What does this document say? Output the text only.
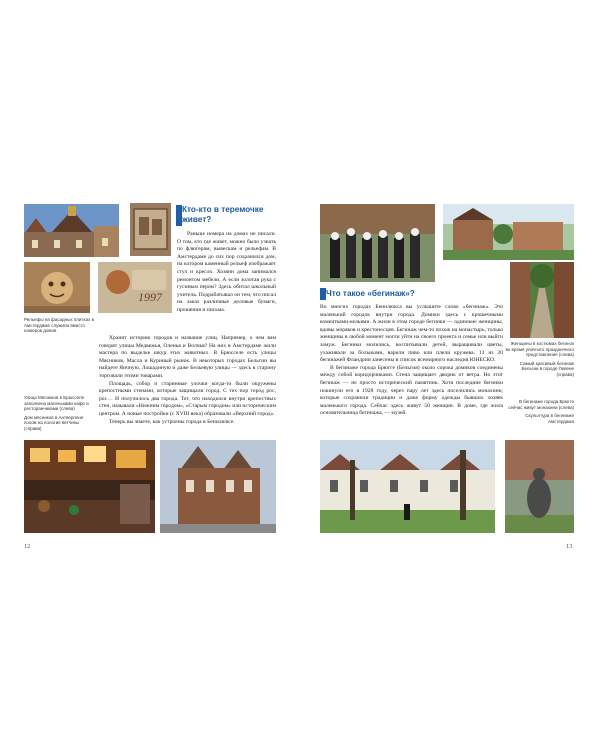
1997
Кто-кто в теремочке живет?

Раньше номера на домах не писали. О том, кто где живет, можно было узнать по флюгерам, вывескам и рельефам. В Амстердаме до сих пор сохранился дом, на котором каменный рельеф изображает стул и кресло. Хозяин дома занимался ремонтом мебели. А если золотая рука с гусиным пером? Здесь обитал школьный учитель. Подрабатывал он тем, что писал на заказ различные деловые бумаги, прошения и письма.

Рельефы на фасадных плитках в Амстердаме служили вместо номеров домов

Улица Мясников в Брюсселе заполнена маленькими кафе и ресторанчиками (слева)

Дом мясников в Антверпене похож на пологие ветчины (справа)

Хранит историю городов и название улиц. Например, о чем вам говорят улицы Медвежья, Оленья и Волчья? На них в Амстердаме жили мастера по выделке шкур этих животных. В Брюсселе есть улицы Мясников, Масла и Куриный рынок. В некоторых городах Бельгии вы найдете Яичную, Лошадиную и даже Бельевую улицы — здесь в старину торговали этими товарами.

Площадь, собор и старинные улочки когда-то были окружены крепостными стенами, которые защищали город. С тех пор город рос, рос… И получилось два города. Тот, что находился внутри крепостных стен, называли «Нижним городом», «Старым городом» или историческим центром. А новые постройки (с XVIII века) образовали «Верхний город».

Теперь вы знаете, как устроены города в Бенилюксе.

12
Что такое «бегинаж»?

Во многих городах Бенилюкса вы услышите слово «бегинаж». Это маленький городок внутри города. Домики здесь с крошечными комнатками-кельями. А жили в этом городе бегинки — одинокие женщины, вдовы моряков и крестоносцев. Бегинаж чем-то похож на монастырь, только женщины в любой момент могли уйти на своего проекта и семье или выйти замуж. Бегинки молились, воспитывали детей, выращивали цветы, ухаживали за больными, варили пиво или плели кружева. 13 из 20 бегинажей Фландрии занесены в список всемирного наследия ЮНЕСКО.

В бегинаже города Брюгге (Бельгия) около сорока домиков соединены между собой коридорчиками. Стена защищает дворик от ветра. Но этот бегинаж — не просто исторический памятник. Хотя последние бегинки покинули его в 1928 году, через пару лет здесь поселились монахини, которые сохранили традиции и даже форму одежды бывших хозяек маленького города. Сейчас здесь живут 50 женщин. В доме, где жила основательница бегинажа, — музей.

Женщины в костюмах бегинок во время уличного праздничного представления (слева)

Самый красивый бегинаж Бельгии в городе Левене (справа)

В бегинаже города Брюгге сейчас живут монахини (слева)

Скульптура в бегинаже Амстердама

13
